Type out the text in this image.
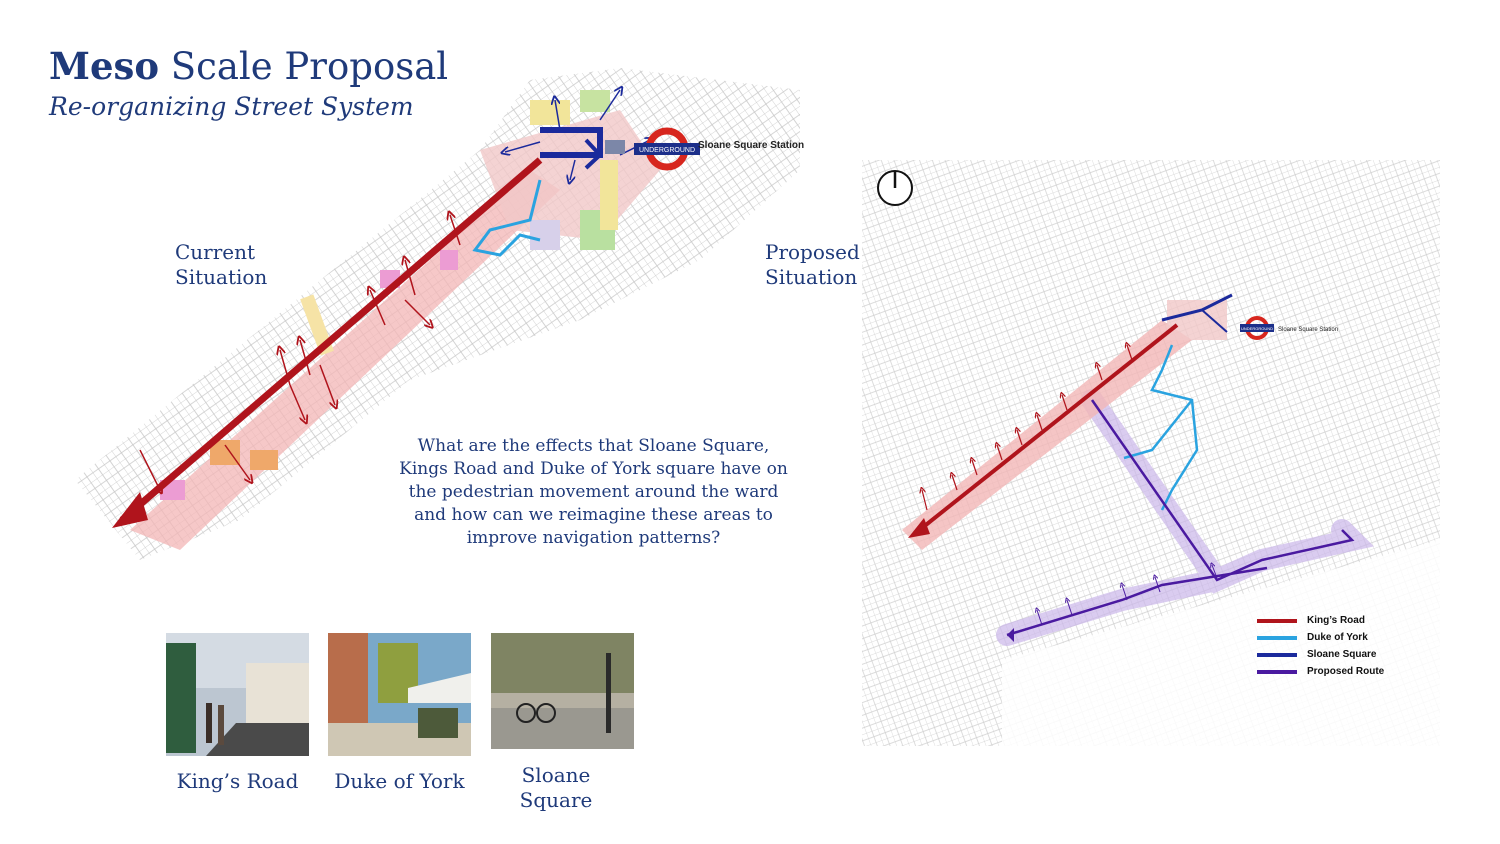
Meso Scale Proposal
Re-organizing Street System
UNDERGROUND Sloane Square Station
Current
Situation
Proposed
Situation
What are the effects that Sloane Square, Kings Road and Duke of York square have on the pedestrian movement around the ward and how can we reimagine these areas to improve navigation patterns?
King’s Road	Duke of York	Sloane
Square
UNDERGROUND Sloane Square Station
King’s Road
Duke of York
Sloane Square
Proposed Route
